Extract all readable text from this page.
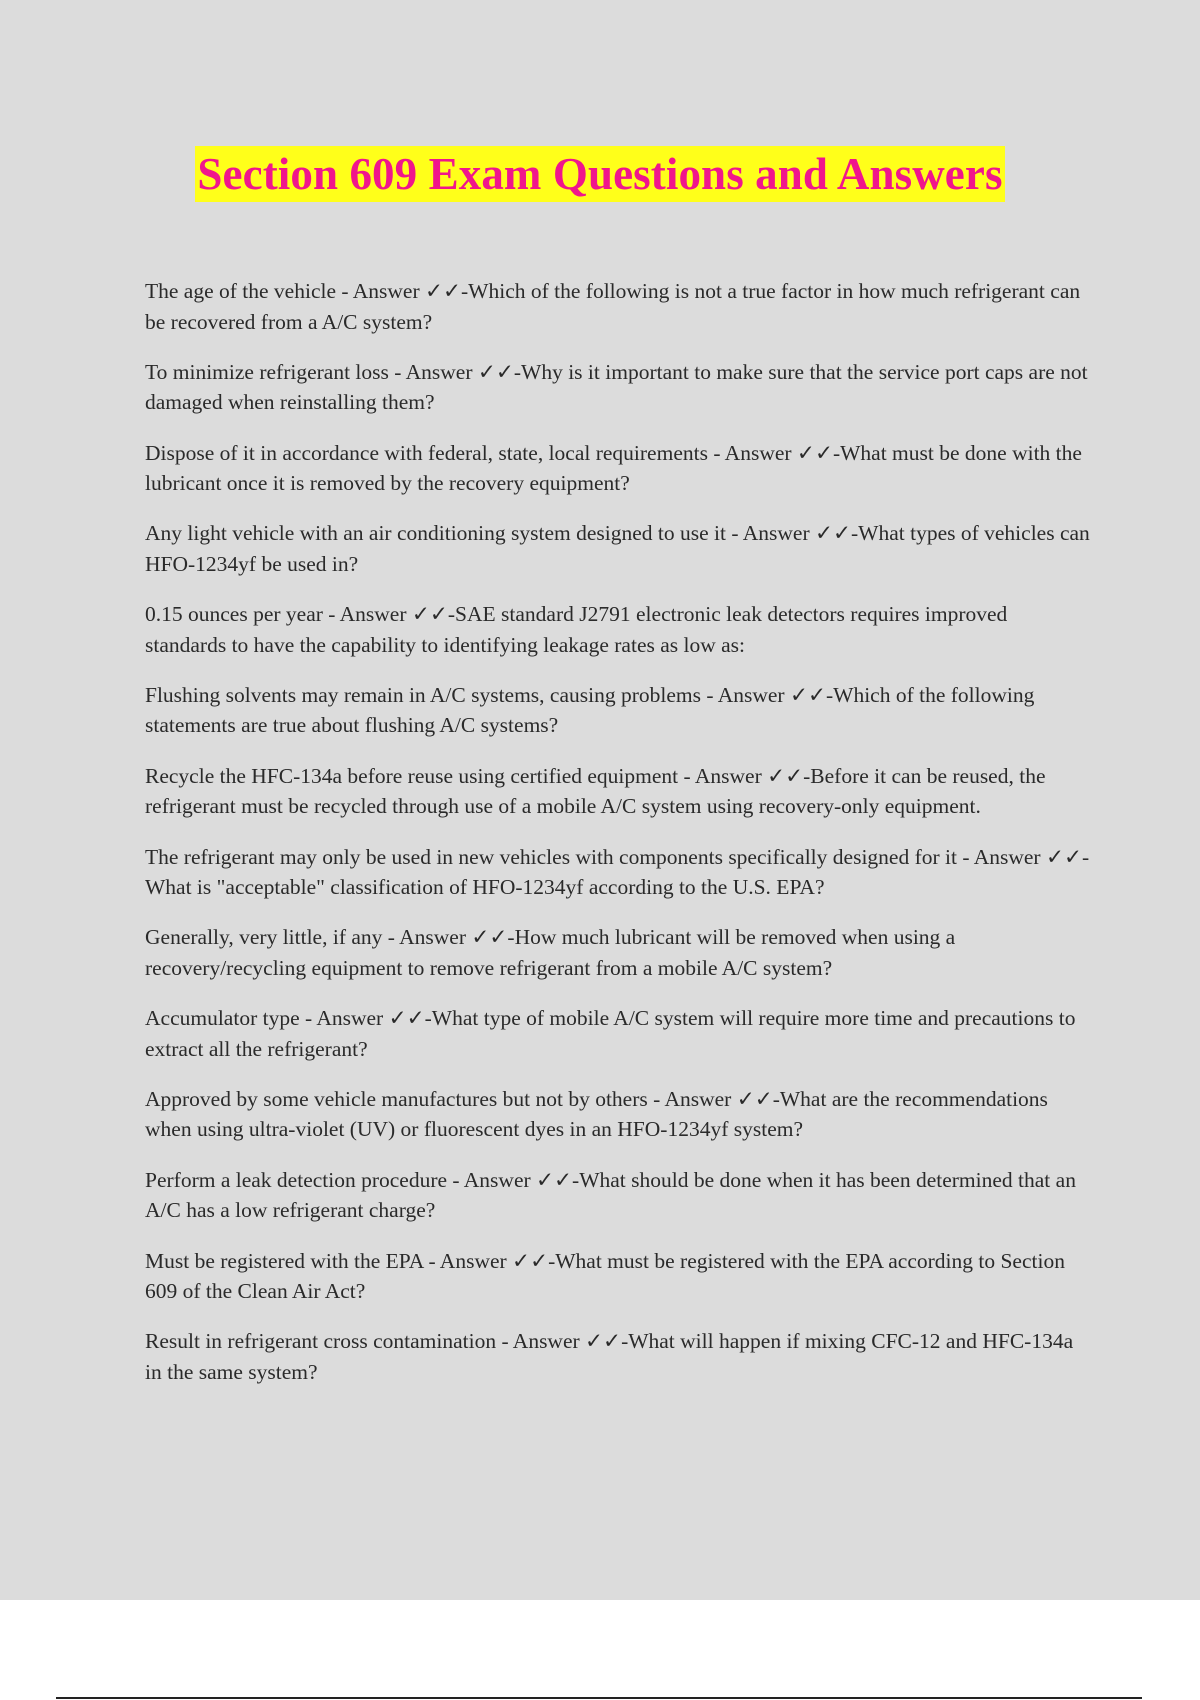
Section 609 Exam Questions and Answers
The age of the vehicle - Answer ✓✓-Which of the following is not a true factor in how much refrigerant can be recovered from a A/C system?
To minimize refrigerant loss - Answer ✓✓-Why is it important to make sure that the service port caps are not damaged when reinstalling them?
Dispose of it in accordance with federal, state, local requirements - Answer ✓✓-What must be done with the lubricant once it is removed by the recovery equipment?
Any light vehicle with an air conditioning system designed to use it - Answer ✓✓-What types of vehicles can HFO-1234yf be used in?
0.15 ounces per year - Answer ✓✓-SAE standard J2791 electronic leak detectors requires improved standards to have the capability to identifying leakage rates as low as:
Flushing solvents may remain in A/C systems, causing problems - Answer ✓✓-Which of the following statements are true about flushing A/C systems?
Recycle the HFC-134a before reuse using certified equipment - Answer ✓✓-Before it can be reused, the refrigerant must be recycled through use of a mobile A/C system using recovery-only equipment.
The refrigerant may only be used in new vehicles with components specifically designed for it - Answer ✓✓-What is "acceptable" classification of HFO-1234yf according to the U.S. EPA?
Generally, very little, if any - Answer ✓✓-How much lubricant will be removed when using a recovery/recycling equipment to remove refrigerant from a mobile A/C system?
Accumulator type - Answer ✓✓-What type of mobile A/C system will require more time and precautions to extract all the refrigerant?
Approved by some vehicle manufactures but not by others - Answer ✓✓-What are the recommendations when using ultra-violet (UV) or fluorescent dyes in an HFO-1234yf system?
Perform a leak detection procedure - Answer ✓✓-What should be done when it has been determined that an A/C has a low refrigerant charge?
Must be registered with the EPA - Answer ✓✓-What must be registered with the EPA according to Section 609 of the Clean Air Act?
Result in refrigerant cross contamination - Answer ✓✓-What will happen if mixing CFC-12 and HFC-134a in the same system?
